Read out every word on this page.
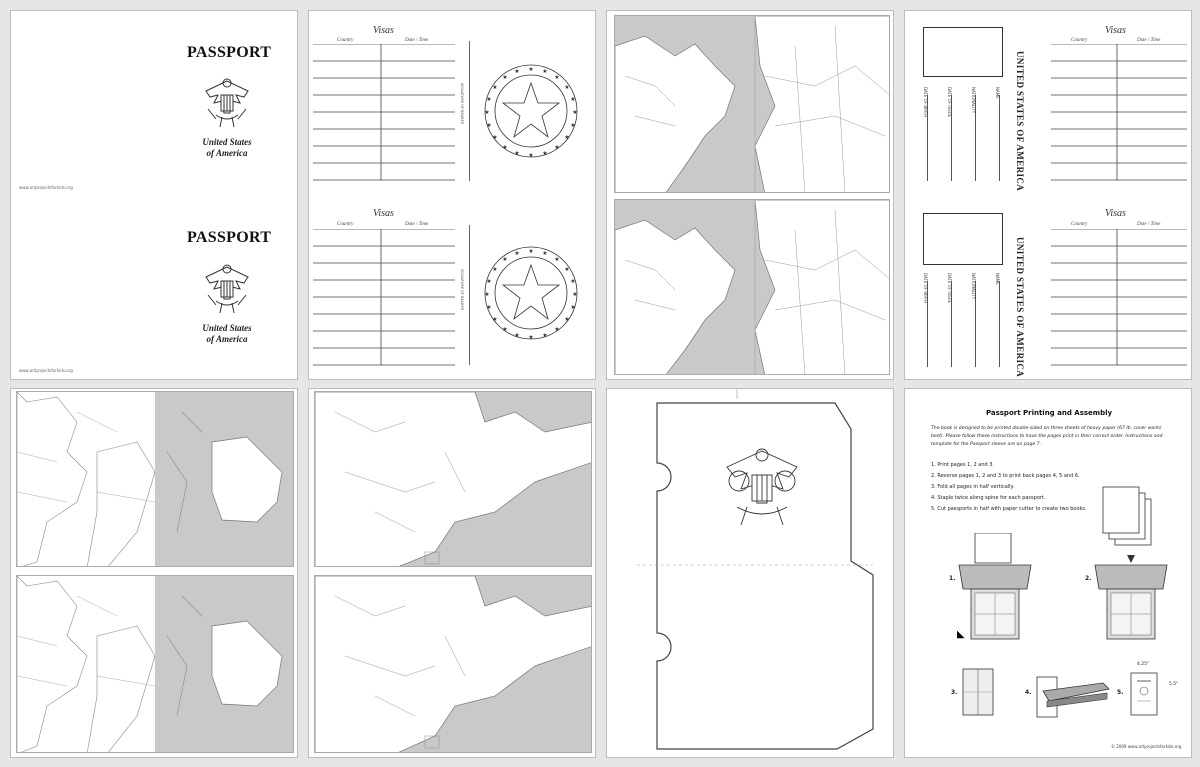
PASSPORT
United States
of America
www.artprojectsforkids.org
PASSPORT
United States
of America
www.artprojectsforkids.org
Visas
Country	Date / Time
SIGNATURE OF BEARER
★ ★
★
★
★
★
★
★
★
★
★
★
★
★
★
★
★
★
★
★
Visas
Country	Date / Time
SIGNATURE OF BEARER
★ ★
★
★
★
★
★
★
★
★
★
★
★
★
★
★
★
★
★
★
DATE OF BIRTH	DATE OF ISSUE	NATIONALITY	NAME UNITED STATES OF AMERICA
Visas
Country	Date / Time
DATE OF BIRTH	DATE OF ISSUE	NATIONALITY	NAME UNITED STATES OF AMERICA
Visas
Country	Date / Time
Passport Printing and Assembly
The book is designed to be printed double-sided on three sheets of heavy paper (67 lb. cover works best). Please follow these instructions to have the pages print in their correct order. Instructions and template for the Passport sleeve are on page 7.
1. Print pages 1, 2 and 3.
2. Reverse pages 1, 2 and 3 to print back pages 4, 5 and 6.
3. Fold all pages in half vertically.
4. Staple twice along spine for each passport.
5. Cut passports in half with paper cutter to create two books.
1.
◣
2.
3.	4.	5.
4.25"
5.5"
© 2009 www.artprojectsforkids.org
